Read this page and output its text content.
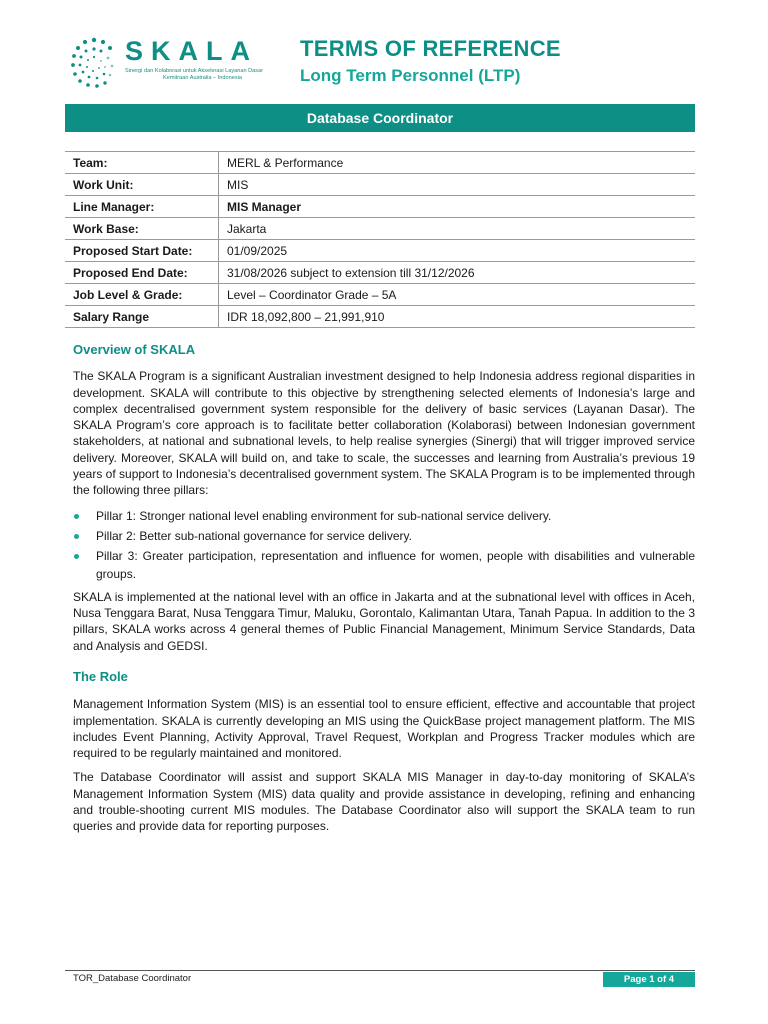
SKALA
Sinergi dan Kolaborasi untuk Akselerasi Layanan Dasar
Kemitraan Australia – Indonesia
TERMS OF REFERENCE
Long Term Personnel (LTP)
Database Coordinator
Team:	MERL & Performance
Work Unit:	MIS
Line Manager:	MIS Manager
Work Base:	Jakarta
Proposed Start Date:	01/09/2025
Proposed End Date:	31/08/2026 subject to extension till 31/12/2026
Job Level & Grade:	Level – Coordinator Grade – 5A
Salary Range	IDR 18,092,800 – 21,991,910
Overview of SKALA
The SKALA Program is a significant Australian investment designed to help Indonesia address regional disparities in development. SKALA will contribute to this objective by strengthening selected elements of Indonesia’s large and complex decentralised government system responsible for the delivery of basic services (Layanan Dasar). The SKALA Program’s core approach is to facilitate better collaboration (Kolaborasi) between Indonesian government stakeholders, at national and subnational levels, to help realise synergies (Sinergi) that will trigger improved service delivery. Moreover, SKALA will build on, and take to scale, the successes and learning from Australia’s previous 19 years of support to Indonesia’s decentralised government system. The SKALA Program is to be implemented through the following three pillars:
Pillar 1: Stronger national level enabling environment for sub-national service delivery.
Pillar 2: Better sub-national governance for service delivery.
Pillar 3: Greater participation, representation and influence for women, people with disabilities and vulnerable groups.
SKALA is implemented at the national level with an office in Jakarta and at the subnational level with offices in Aceh, Nusa Tenggara Barat, Nusa Tenggara Timur, Maluku, Gorontalo, Kalimantan Utara, Tanah Papua. In addition to the 3 pillars, SKALA works across 4 general themes of Public Financial Management, Minimum Service Standards, Data and Analysis and GEDSI.
The Role
Management Information System (MIS) is an essential tool to ensure efficient, effective and accountable that project implementation. SKALA is currently developing an MIS using the QuickBase project management platform. The MIS includes Event Planning, Activity Approval, Travel Request, Workplan and Progress Tracker modules which are required to be regularly maintained and monitored.
The Database Coordinator will assist and support SKALA MIS Manager in day-to-day monitoring of SKALA’s Management Information System (MIS) data quality and provide assistance in developing, refining and enhancing and trouble-shooting current MIS modules. The Database Coordinator also will support the SKALA team to run queries and provide data for reporting purposes.
TOR_Database Coordinator	Page 1 of 4
